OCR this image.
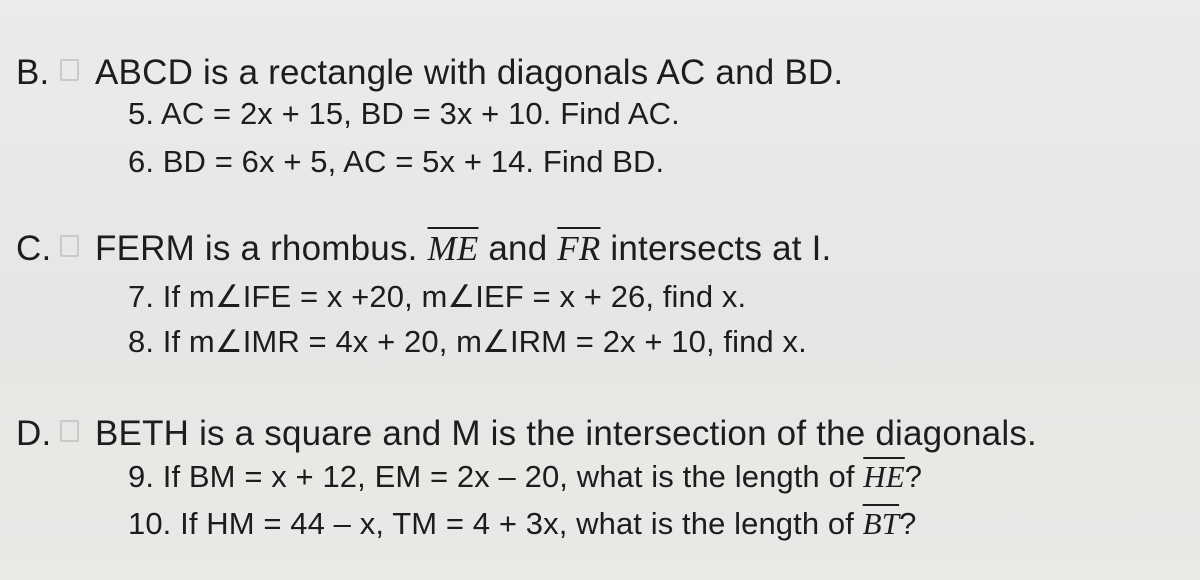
B. ABCD is a rectangle with diagonals AC and BD.
5. AC = 2x + 15, BD = 3x + 10. Find AC.
6. BD = 6x + 5, AC = 5x + 14. Find BD.
C. FERM is a rhombus. $\overline{ME}$ and $\overline{FR}$ intersects at I.
7. If m∠IFE = x +20, m∠IEF = x + 26, find x.
8. If m∠IMR = 4x + 20, m∠IRM = 2x + 10, find x.
D. BETH is a square and M is the intersection of the diagonals.
9. If BM = x + 12, EM = 2x – 20, what is the length of $\overline{HE}$?
10. If HM = 44 – x, TM = 4 + 3x, what is the length of $\overline{BT}$?
